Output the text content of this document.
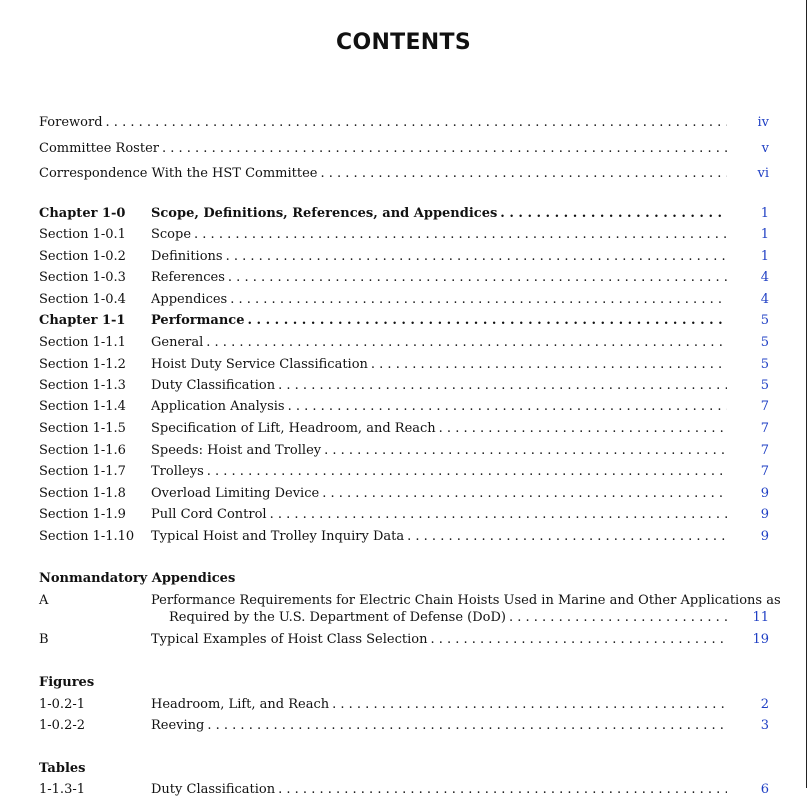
CONTENTS
Foreword . . .	iv
Committee Roster . . .	v
Correspondence With the HST Committee . . .	vi
Chapter 1-0 Scope, Definitions, References, and Appendices . . .	1
Section 1-0.1 Scope . . .	1
Section 1-0.2 Definitions . . .	1
Section 1-0.3 References . . .	4
Section 1-0.4 Appendices . . .	4
Chapter 1-1 Performance . . .	5
Section 1-1.1 General . . .	5
Section 1-1.2 Hoist Duty Service Classification . . .	5
Section 1-1.3 Duty Classification . . .	5
Section 1-1.4 Application Analysis . . .	7
Section 1-1.5 Specification of Lift, Headroom, and Reach . . .	7
Section 1-1.6 Speeds: Hoist and Trolley . . .	7
Section 1-1.7 Trolleys . . .	7
Section 1-1.8 Overload Limiting Device . . .	9
Section 1-1.9 Pull Cord Control . . .	9
Section 1-1.10 Typical Hoist and Trolley Inquiry Data . . .	9
Nonmandatory Appendices
A	Performance Requirements for Electric Chain Hoists Used in Marine and Other Applications as
Required by the U.S. Department of Defense (DoD) . . .	11
B	Typical Examples of Hoist Class Selection . . .	19
Figures
1-0.2-1	Headroom, Lift, and Reach . . .	2
1-0.2-2	Reeving . . .	3
Tables
1-1.3-1	Duty Classification . . .	6
